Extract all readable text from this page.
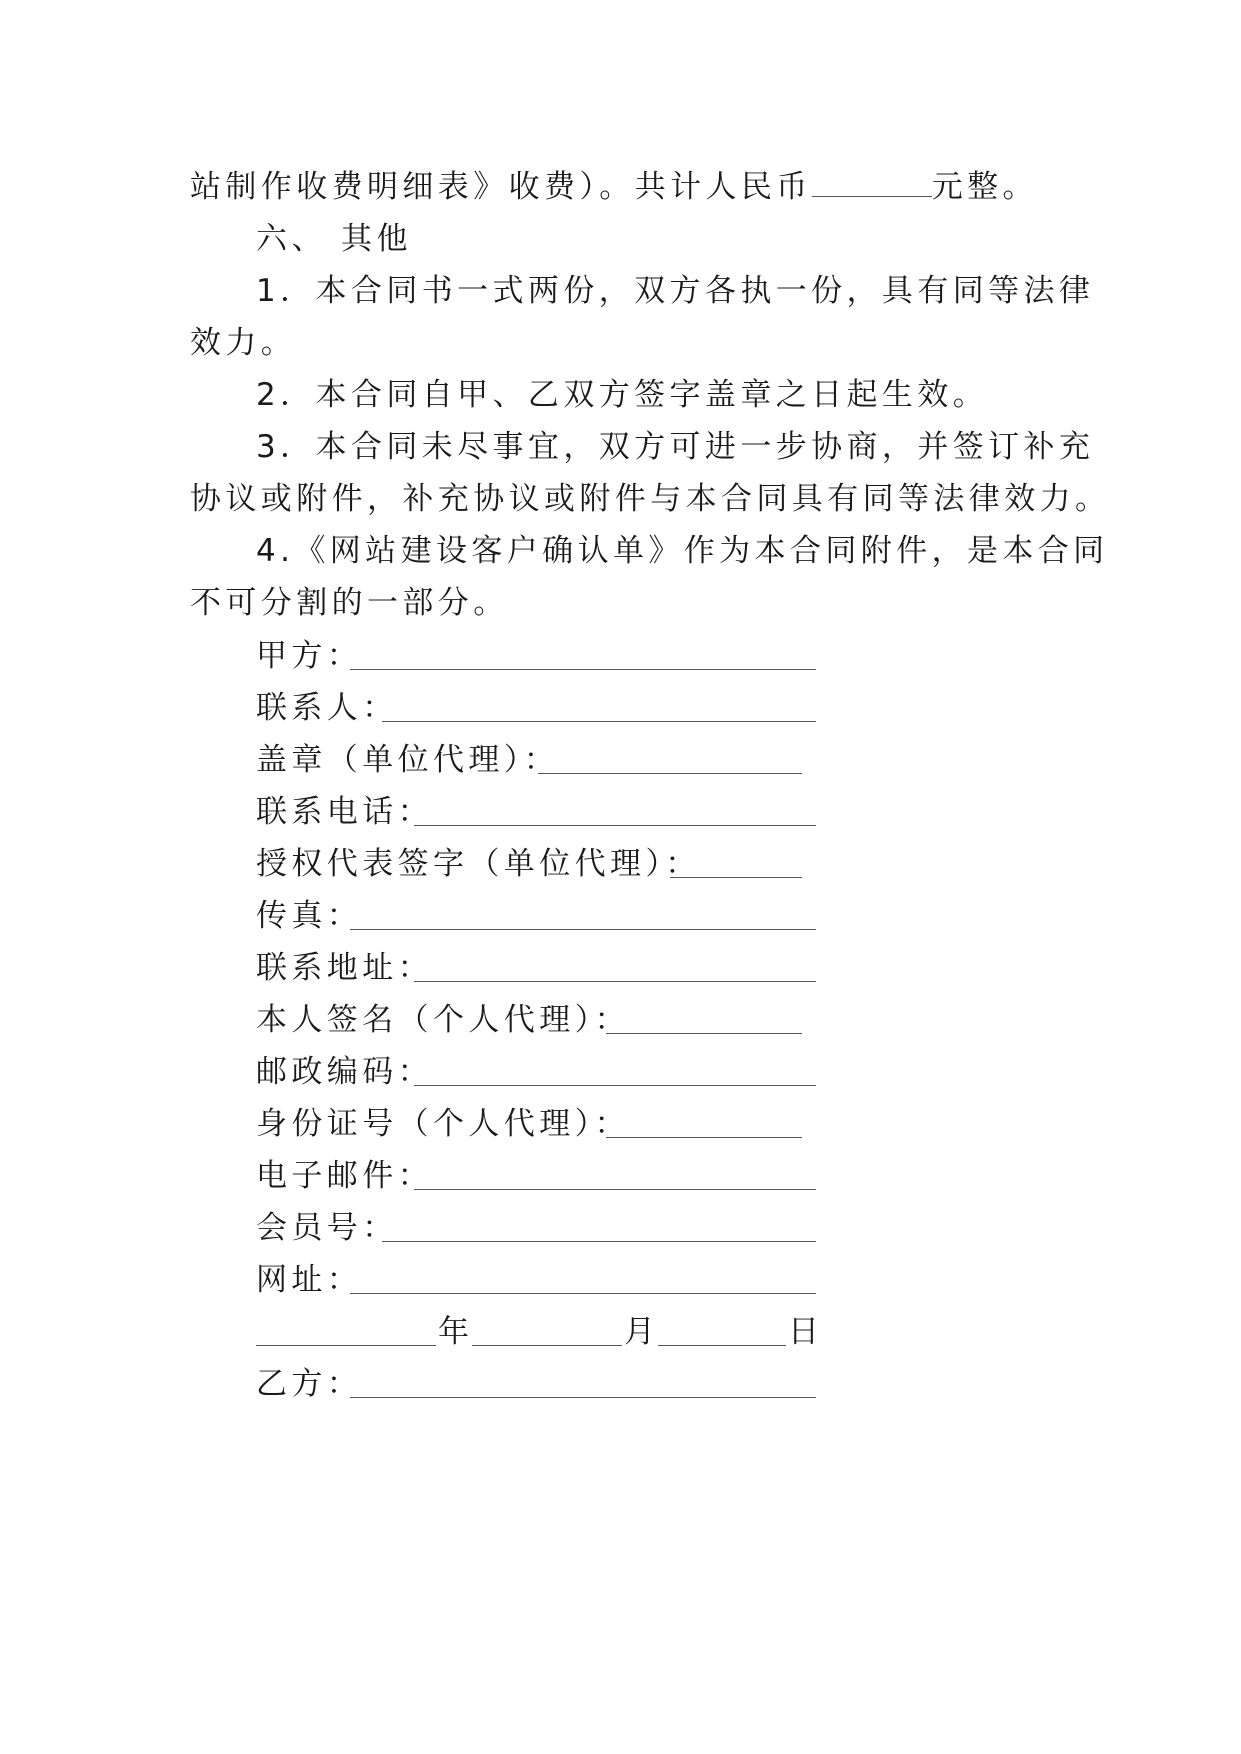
站制作收费明细表》收费）。共计人民币	元整。
六、 其他
1．本合同书一式两份，双方各执一份，具有同等法律
效力。
2．本合同自甲、乙双方签字盖章之日起生效。
3．本合同未尽事宜，双方可进一步协商，并签订补充
协议或附件，补充协议或附件与本合同具有同等法律效力。
4.《网站建设客户确认单》作为本合同附件，是本合同
不可分割的一部分。
甲方：
联系人：
盖章（单位代理）：
联系电话：
授权代表签字（单位代理）：
传真：
联系地址：
本人签名（个人代理）：
邮政编码：
身份证号（个人代理）：
电子邮件：
会员号：
网址：
年	月	日
乙方：
